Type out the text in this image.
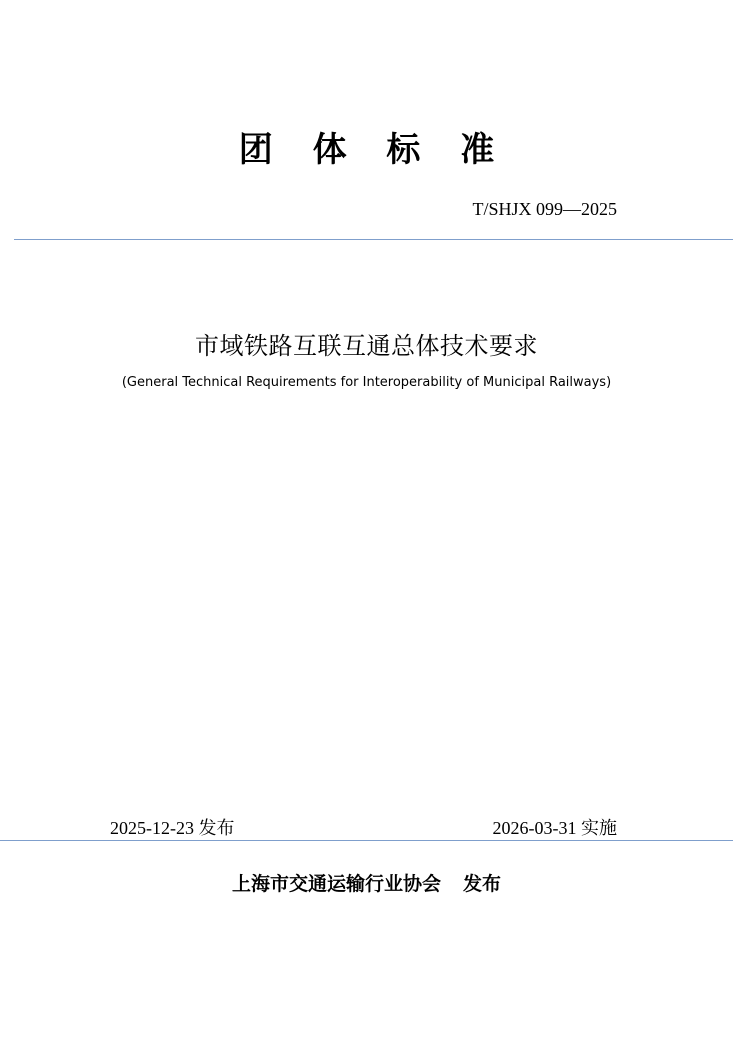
团 体 标 准
T/SHJX 099—2025
市域铁路互联互通总体技术要求
(General Technical Requirements for Interoperability of Municipal Railways)
2025-12-23 发布	2026-03-31 实施
上海市交通运输行业协会 发布
